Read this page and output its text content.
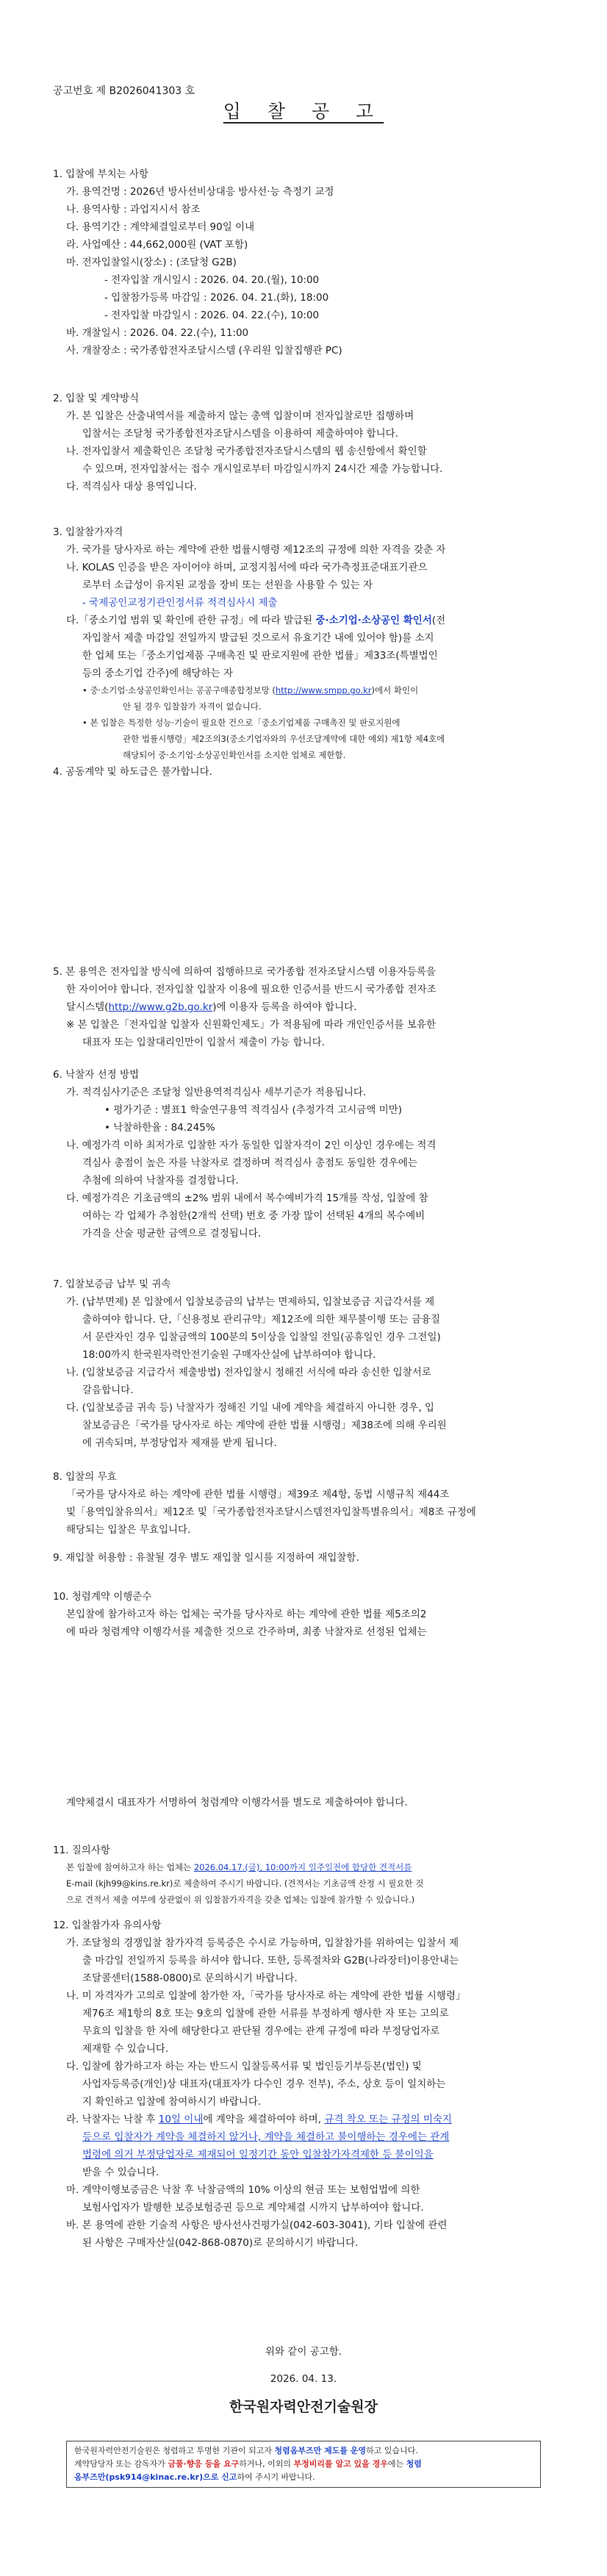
공고번호 제 B2026041303 호
입 찰 공 고
1. 입찰에 부치는 사항
가. 용역건명 : 2026년 방사선비상대응 방사선·능 측정기 교정
나. 용역사항 : 과업지시서 참조
다. 용역기간 : 계약체결일로부터 90일 이내
라. 사업예산 : 44,662,000원 (VAT 포함)
마. 전자입찰일시(장소) : (조달청 G2B)
- 전자입찰 개시일시 : 2026. 04. 20.(월), 10:00
- 입찰참가등록 마감일 : 2026. 04. 21.(화), 18:00
- 전자입찰 마감일시 : 2026. 04. 22.(수), 10:00
바. 개찰일시 : 2026. 04. 22.(수), 11:00
사. 개찰장소 : 국가종합전자조달시스템 (우리원 입찰집행관 PC)
2. 입찰 및 계약방식
가. 본 입찰은 산출내역서를 제출하지 않는 총액 입찰이며 전자입찰로만 집행하며
입찰서는 조달청 국가종합전자조달시스템을 이용하여 제출하여야 합니다.
나. 전자입찰서 제출확인은 조달청 국가종합전자조달시스템의 웹 송신함에서 확인할
수 있으며, 전자입찰서는 접수 개시일로부터 마감일시까지 24시간 제출 가능합니다.
다. 적격심사 대상 용역입니다.
3. 입찰참가자격
가. 국가를 당사자로 하는 계약에 관한 법률시행령 제12조의 규정에 의한 자격을 갖춘 자
나. KOLAS 인증을 받은 자이어야 하며, 교정지침서에 따라 국가측정표준대표기관으
로부터 소급성이 유지된 교정을 장비 또는 선원을 사용할 수 있는 자
- 국제공인교정기관인정서류 적격심사시 제출
다.「중소기업 범위 및 확인에 관한 규정」에 따라 발급된 중·소기업·소상공인 확인서(전
자입찰서 제출 마감일 전일까지 발급된 것으로서 유효기간 내에 있어야 함)를 소지
한 업체 또는「중소기업제품 구매촉진 및 판로지원에 관한 법률」제33조(특별법인
등의 중소기업 간주)에 해당하는 자
• 중·소기업·소상공인확인서는 공공구매종합정보망 (http://www.smpp.go.kr)에서 확인이
안 될 경우 입찰참가 자격이 없습니다.
• 본 입찰은 특정한 성능·기술이 필요한 건으로「중소기업제품 구매촉진 및 판로지원에
관한 법률시행령」제2조의3(중소기업자와의 우선조달계약에 대한 예외) 제1항 제4호에
해당되어 중·소기업·소상공인확인서를 소지한 업체로 제한함.
4. 공동계약 및 하도급은 불가합니다.
5. 본 용역은 전자입찰 방식에 의하여 집행하므로 국가종합 전자조달시스템 이용자등록을
한 자이어야 합니다. 전자입찰 입찰자 이용에 필요한 인증서를 반드시 국가종합 전자조
달시스템(http://www.g2b.go.kr)에 이용자 등록을 하여야 합니다.
※ 본 입찰은「전자입찰 입찰자 신원확인제도」가 적용됨에 따라 개인인증서를 보유한
대표자 또는 입찰대리인만이 입찰서 제출이 가능 합니다.
6. 낙찰자 선정 방법
가. 적격심사기준은 조달청 일반용역적격심사 세부기준가 적용됩니다.
• 평가기준 : 별표1 학술연구용역 적격심사 (추정가격 고시금액 미만)
• 낙찰하한율 : 84.245%
나. 예정가격 이하 최저가로 입찰한 자가 동일한 입찰자격이 2인 이상인 경우에는 적격
격심사 총점이 높은 자를 낙찰자로 결정하며 적격심사 총점도 동일한 경우에는
추첨에 의하여 낙찰자를 결정합니다.
다. 예정가격은 기초금액의 ±2% 범위 내에서 복수예비가격 15개를 작성, 입찰에 참
여하는 각 업체가 추첨한(2개씩 선택) 번호 중 가장 많이 선택된 4개의 복수예비
가격을 산술 평균한 금액으로 결정됩니다.
7. 입찰보증금 납부 및 귀속
가. (납부면제) 본 입찰에서 입찰보증금의 납부는 면제하되, 입찰보증금 지급각서를 제
출하여야 합니다. 단,「신용정보 관리규약」제12조에 의한 채무불이행 또는 금융질
서 문란자인 경우 입찰금액의 100분의 5이상을 입찰일 전일(공휴일인 경우 그전일)
18:00까지 한국원자력안전기술원 구매자산실에 납부하여야 합니다.
나. (입찰보증금 지급각서 제출방법) 전자입찰시 정해진 서식에 따라 송신한 입찰서로
갈음합니다.
다. (입찰보증금 귀속 등) 낙찰자가 정해진 기일 내에 계약을 체결하지 아니한 경우, 입
찰보증금은「국가를 당사자로 하는 계약에 관한 법률 시행령」제38조에 의해 우리원
에 귀속되며, 부정당업자 제재를 받게 됩니다.
8. 입찰의 무효
「국가를 당사자로 하는 계약에 관한 법률 시행령」제39조 제4항, 동법 시행규칙 제44조
및「용역입찰유의서」제12조 및「국가종합전자조달시스템전자입찰특별유의서」제8조 규정에
해당되는 입찰은 무효입니다.
9. 재입찰 허용함 : 유찰될 경우 별도 재입찰 일시를 지정하여 재입찰함.
10. 청렴계약 이행준수
본입찰에 참가하고자 하는 업체는 국가를 당사자로 하는 계약에 관한 법률 제5조의2
에 따라 청렴계약 이행각서를 제출한 것으로 간주하며, 최종 낙찰자로 선정된 업체는
계약체결시 대표자가 서명하여 청렴계약 이행각서를 별도로 제출하여야 합니다.
11. 질의사항
본 입찰에 참여하고자 하는 업체는 2026.04.17.(금), 10:00까지 일주일전에 합당한 견적서를
E-mail (kjh99@kins.re.kr)로 제출하여 주시기 바랍니다. (견적서는 기초금액 산정 시 필요한 것
으로 견적서 제출 여부에 상관없이 위 입찰참가자격을 갖춘 업체는 입찰에 참가할 수 있습니다.)
12. 입찰참가자 유의사항
가. 조달청의 경쟁입찰 참가자격 등록증은 수시로 가능하며, 입찰참가를 위하여는 입찰서 제
출 마감일 전일까지 등록을 하셔야 합니다. 또한, 등록절차와 G2B(나라장터)이용안내는
조달콜센터(1588-0800)로 문의하시기 바랍니다.
나. 미 자격자가 고의로 입찰에 참가한 자,「국가를 당사자로 하는 계약에 관한 법률 시행령」
제76조 제1항의 8호 또는 9호의 입찰에 관한 서류를 부정하게 행사한 자 또는 고의로
무효의 입찰을 한 자에 해당한다고 판단될 경우에는 관계 규정에 따라 부정당업자로
제재할 수 있습니다.
다. 입찰에 참가하고자 하는 자는 반드시 입찰등록서류 및 법인등기부등본(법인) 및
사업자등록증(개인)상 대표자(대표자가 다수인 경우 전부), 주소, 상호 등이 일치하는
지 확인하고 입찰에 참여하시기 바랍니다.
라. 낙찰자는 낙찰 후 10일 이내에 계약을 체결하여야 하며, 규격 착오 또는 규정의 미숙지
등으로 입찰자가 계약을 체결하지 않거나, 계약을 체결하고 불이행하는 경우에는 관계
법령에 의거 부정당업자로 제재되어 일정기간 동안 입찰참가자격제한 등 불이익을
받을 수 있습니다.
마. 계약이행보증금은 낙찰 후 낙찰금액의 10% 이상의 현금 또는 보험업법에 의한
보험사업자가 발행한 보증보험증권 등으로 계약체결 시까지 납부하여야 합니다.
바. 본 용역에 관한 기술적 사항은 방사선사건평가실(042-603-3041), 기타 입찰에 관련
된 사항은 구매자산실(042-868-0870)로 문의하시기 바랍니다.
위와 같이 공고함.
2026. 04. 13.
한국원자력안전기술원장
한국원자력안전기술원은 청렴하고 투명한 기관이 되고자 청렴옴부즈만 제도를 운영하고 있습니다.
계약담당자 또는 감독자가 금품·향응 등을 요구하거나, 이외의 부정비리를 알고 있을 경우에는 청렴
옴부즈만(psk914@kinac.re.kr)으로 신고하여 주시기 바랍니다.
